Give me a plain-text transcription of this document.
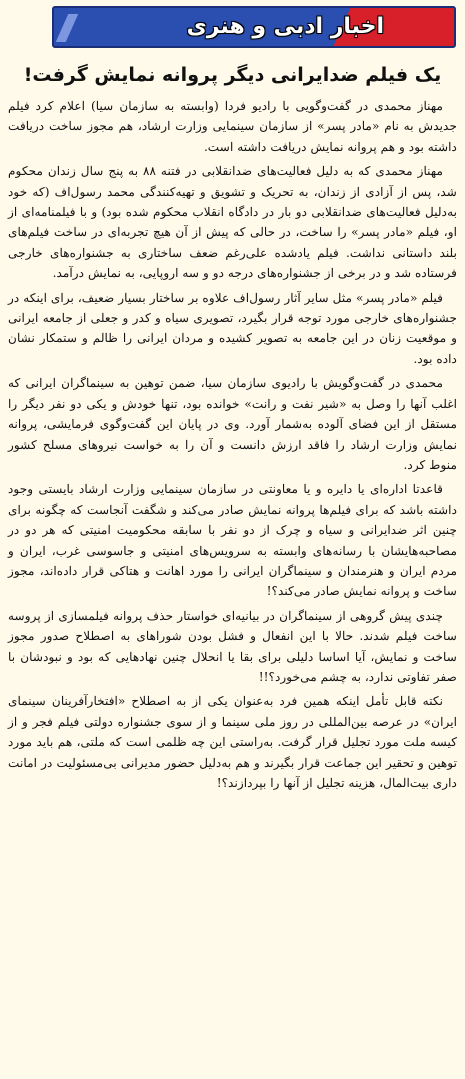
اخبار ادبی و هنری
یک فیلم ضدایرانی دیگر پروانه نمایش گرفت!

مهناز محمدی در گفت‌وگویی با رادیو فردا (وابسته به سازمان سیا) اعلام کرد فیلم جدیدش به نام «مادر پسر» از سازمان سینمایی وزارت ارشاد، هم مجوز ساخت دریافت داشته بود و هم پروانه نمایش دریافت داشته است.

مهناز محمدی که به دلیل فعالیت‌های ضدانقلابی در فتنه ۸۸ به پنج سال زندان محکوم شد، پس از آزادی از زندان، به تحریک و تشویق و تهیه‌کنندگی محمد رسول‌اف (که خود به‌دلیل فعالیت‌های ضدانقلابی دو بار در دادگاه انقلاب محکوم شده بود) و با فیلمنامه‌ای از او، فیلم «مادر پسر» را ساخت، در حالی که پیش از آن هیچ تجربه‌ای در ساخت فیلم‌های بلند داستانی نداشت. فیلم یادشده علی‌رغم ضعف ساختاری به جشنواره‌های خارجی فرستاده شد و در برخی از جشنواره‌های درجه دو و سه اروپایی، به نمایش درآمد.

فیلم «مادر پسر» مثل سایر آثار رسول‌اف علاوه بر ساختار بسیار ضعیف، برای اینکه در جشنواره‌های خارجی مورد توجه قرار بگیرد، تصویری سیاه و کدر و جعلی از جامعه ایرانی و موقعیت زنان در این جامعه به تصویر کشیده و مردان ایرانی را ظالم و ستمکار نشان داده بود.

محمدی در گفت‌وگویش با رادیوی سازمان سیا، ضمن توهین به سینماگران ایرانی که اغلب آنها را وصل به «شیر نفت و رانت» خوانده بود، تنها خودش و یکی دو نفر دیگر را مستقل از این فضای آلوده به‌شمار آورد. وی در پایان این گفت‌وگوی فرمایشی، پروانه نمایش وزارت ارشاد را فاقد ارزش دانست و آن را به خواست نیروهای مسلح کشور منوط کرد.

قاعدتا اداره‌ای یا دایره و یا معاونتی در سازمان سینمایی وزارت ارشاد بایستی وجود داشته باشد که برای فیلم‌ها پروانه نمایش صادر می‌کند و شگفت آنجاست که چگونه برای چنین اثر ضدایرانی و سیاه و چرک از دو نفر با سابقه محکومیت امنیتی که هر دو در مصاحبه‌هایشان با رسانه‌های وابسته به سرویس‌های امنیتی و جاسوسی غرب، ایران و مردم ایران و هنرمندان و سینماگران ایرانی را مورد اهانت و هتاکی قرار داده‌اند، مجوز ساخت و پروانه نمایش صادر می‌کند؟!

چندی پیش گروهی از سینماگران در بیانیه‌ای خواستار حذف پروانه فیلمسازی از پروسه ساخت فیلم شدند. حالا با این انفعال و فشل بودن شوراهای به اصطلاح صدور مجوز ساخت و نمایش، آیا اساسا دلیلی برای بقا یا انحلال چنین نهادهایی که بود و نبودشان با صفر تفاوتی ندارد، به چشم می‌خورد؟!!

نکته قابل تأمل اینکه همین فرد به‌عنوان یکی از به اصطلاح «افتخارآفرینان سینمای ایران» در عرصه بین‌المللی در روز ملی سینما و از سوی جشنواره دولتی فیلم فجر و از کیسه ملت مورد تجلیل قرار گرفت. به‌راستی این چه ظلمی است که ملتی، هم باید مورد توهین و تحقیر این جماعت قرار بگیرند و هم به‌دلیل حضور مدیرانی بی‌مسئولیت در امانت داری بیت‌المال، هزینه تجلیل از آنها را بپردازند؟!
